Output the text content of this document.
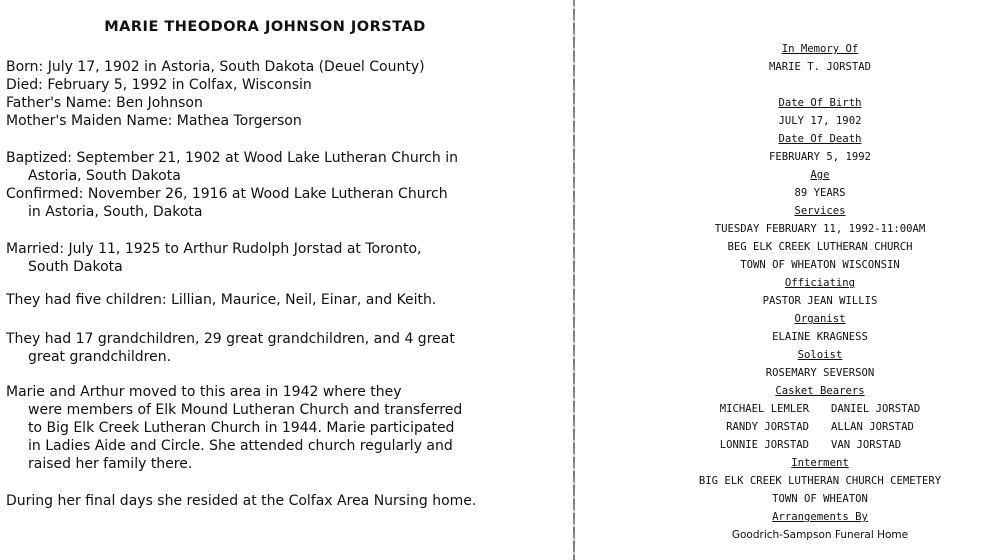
MARIE THEODORA JOHNSON JORSTAD
Born: July 17, 1902 in Astoria, South Dakota (Deuel County)
Died: February 5, 1992 in Colfax, Wisconsin
Father's Name: Ben Johnson
Mother's Maiden Name: Mathea Torgerson
Baptized: September 21, 1902 at Wood Lake Lutheran Church in
Astoria, South Dakota
Confirmed: November 26, 1916 at Wood Lake Lutheran Church
in Astoria, South, Dakota
Married: July 11, 1925 to Arthur Rudolph Jorstad at Toronto,
South Dakota
They had five children: Lillian, Maurice, Neil, Einar, and Keith.
They had 17 grandchildren, 29 great grandchildren, and 4 great
great grandchildren.
Marie and Arthur moved to this area in 1942 where they
were members of Elk Mound Lutheran Church and transferred
to Big Elk Creek Lutheran Church in 1944. Marie participated
in Ladies Aide and Circle. She attended church regularly and
raised her family there.
During her final days she resided at the Colfax Area Nursing home.
In Memory Of
MARIE T. JORSTAD

Date Of Birth
JULY 17, 1902
Date Of Death
FEBRUARY 5, 1992
Age
89 YEARS
Services
TUESDAY FEBRUARY 11, 1992-11:00AM
BEG ELK CREEK LUTHERAN CHURCH
TOWN OF WHEATON WISCONSIN
Officiating
PASTOR JEAN WILLIS
Organist
ELAINE KRAGNESS
Soloist
ROSEMARY SEVERSON
Casket Bearers
MICHAEL LEMLER	DANIEL JORSTAD
RANDY JORSTAD	ALLAN JORSTAD
LONNIE JORSTAD	VAN JORSTAD
Interment
BIG ELK CREEK LUTHERAN CHURCH CEMETERY
TOWN OF WHEATON
Arrangements By
Goodrich-Sampson Funeral Home
